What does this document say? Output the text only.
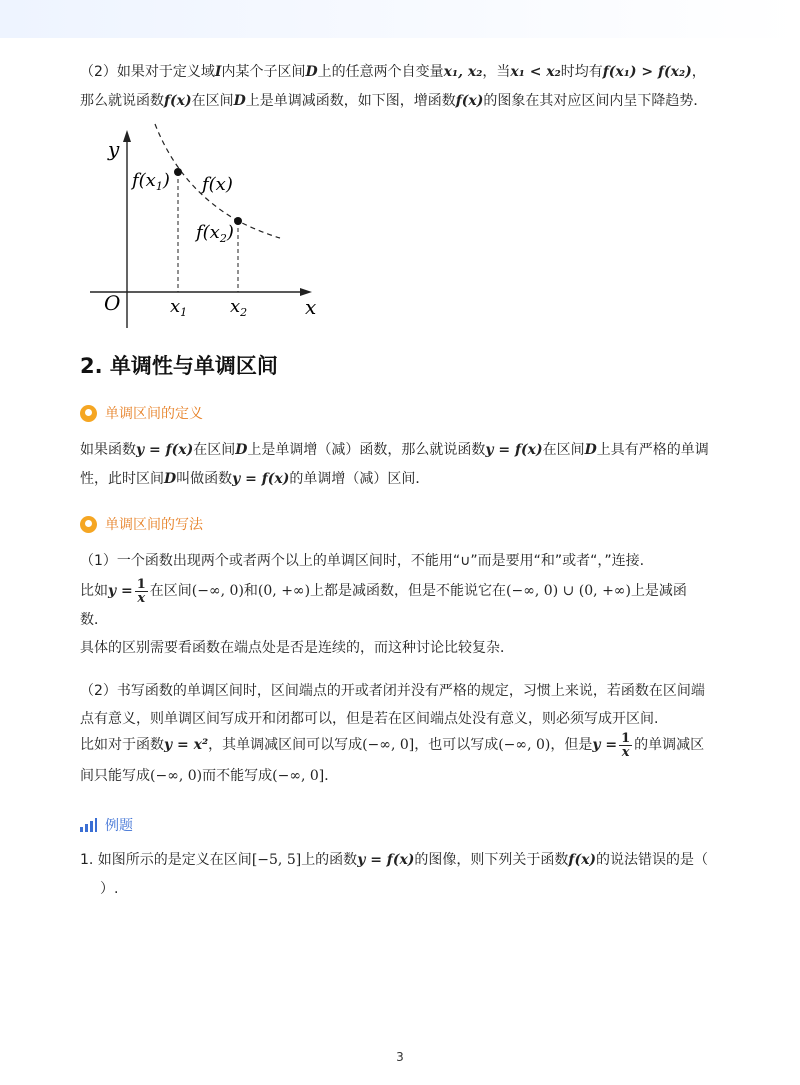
（2）如果对于定义域I内某个子区间D上的任意两个自变量x₁, x₂，当x₁ < x₂时均有f(x₁) > f(x₂)，
那么就说函数f(x)在区间D上是单调减函数，如下图，增函数f(x)的图象在其对应区间内呈下降趋势．
y
x
O
$f(x_1)$ f(x)
$f(x_2)$
$x_1$ $x_2$
2. 单调性与单调区间
单调区间的定义
如果函数y = f(x)在区间D上是单调增（减）函数，那么就说函数y = f(x)在区间D上具有严格的单调
性，此时区间D叫做函数y = f(x)的单调增（减）区间．
单调区间的写法
（1）一个函数出现两个或者两个以上的单调区间时，不能用“∪”而是要用“和”或者“，”连接.
比如$y = \frac{1}{x}$ 在区间(−∞, 0)和(0, +∞)上都是减函数，但是不能说它在(−∞, 0) ∪ (0, +∞)上是减函
数．
具体的区别需要看函数在端点处是否是连续的，而这种讨论比较复杂．
（2）书写函数的单调区间时，区间端点的开或者闭并没有严格的规定，习惯上来说，若函数在区间端
点有意义，则单调区间写成开和闭都可以，但是若在区间端点处没有意义，则必须写成开区间.
比如对于函数y = x²，其单调减区间可以写成(−∞, 0]，也可以写成(−∞, 0)，但是$y = \frac{1}{x}$ 的单调减区
间只能写成(−∞, 0)而不能写成(−∞, 0]．
例题
1. 如图所示的是定义在区间[−5, 5]上的函数y = f(x)的图像，则下列关于函数f(x)的说法错误的是（
）.
3
